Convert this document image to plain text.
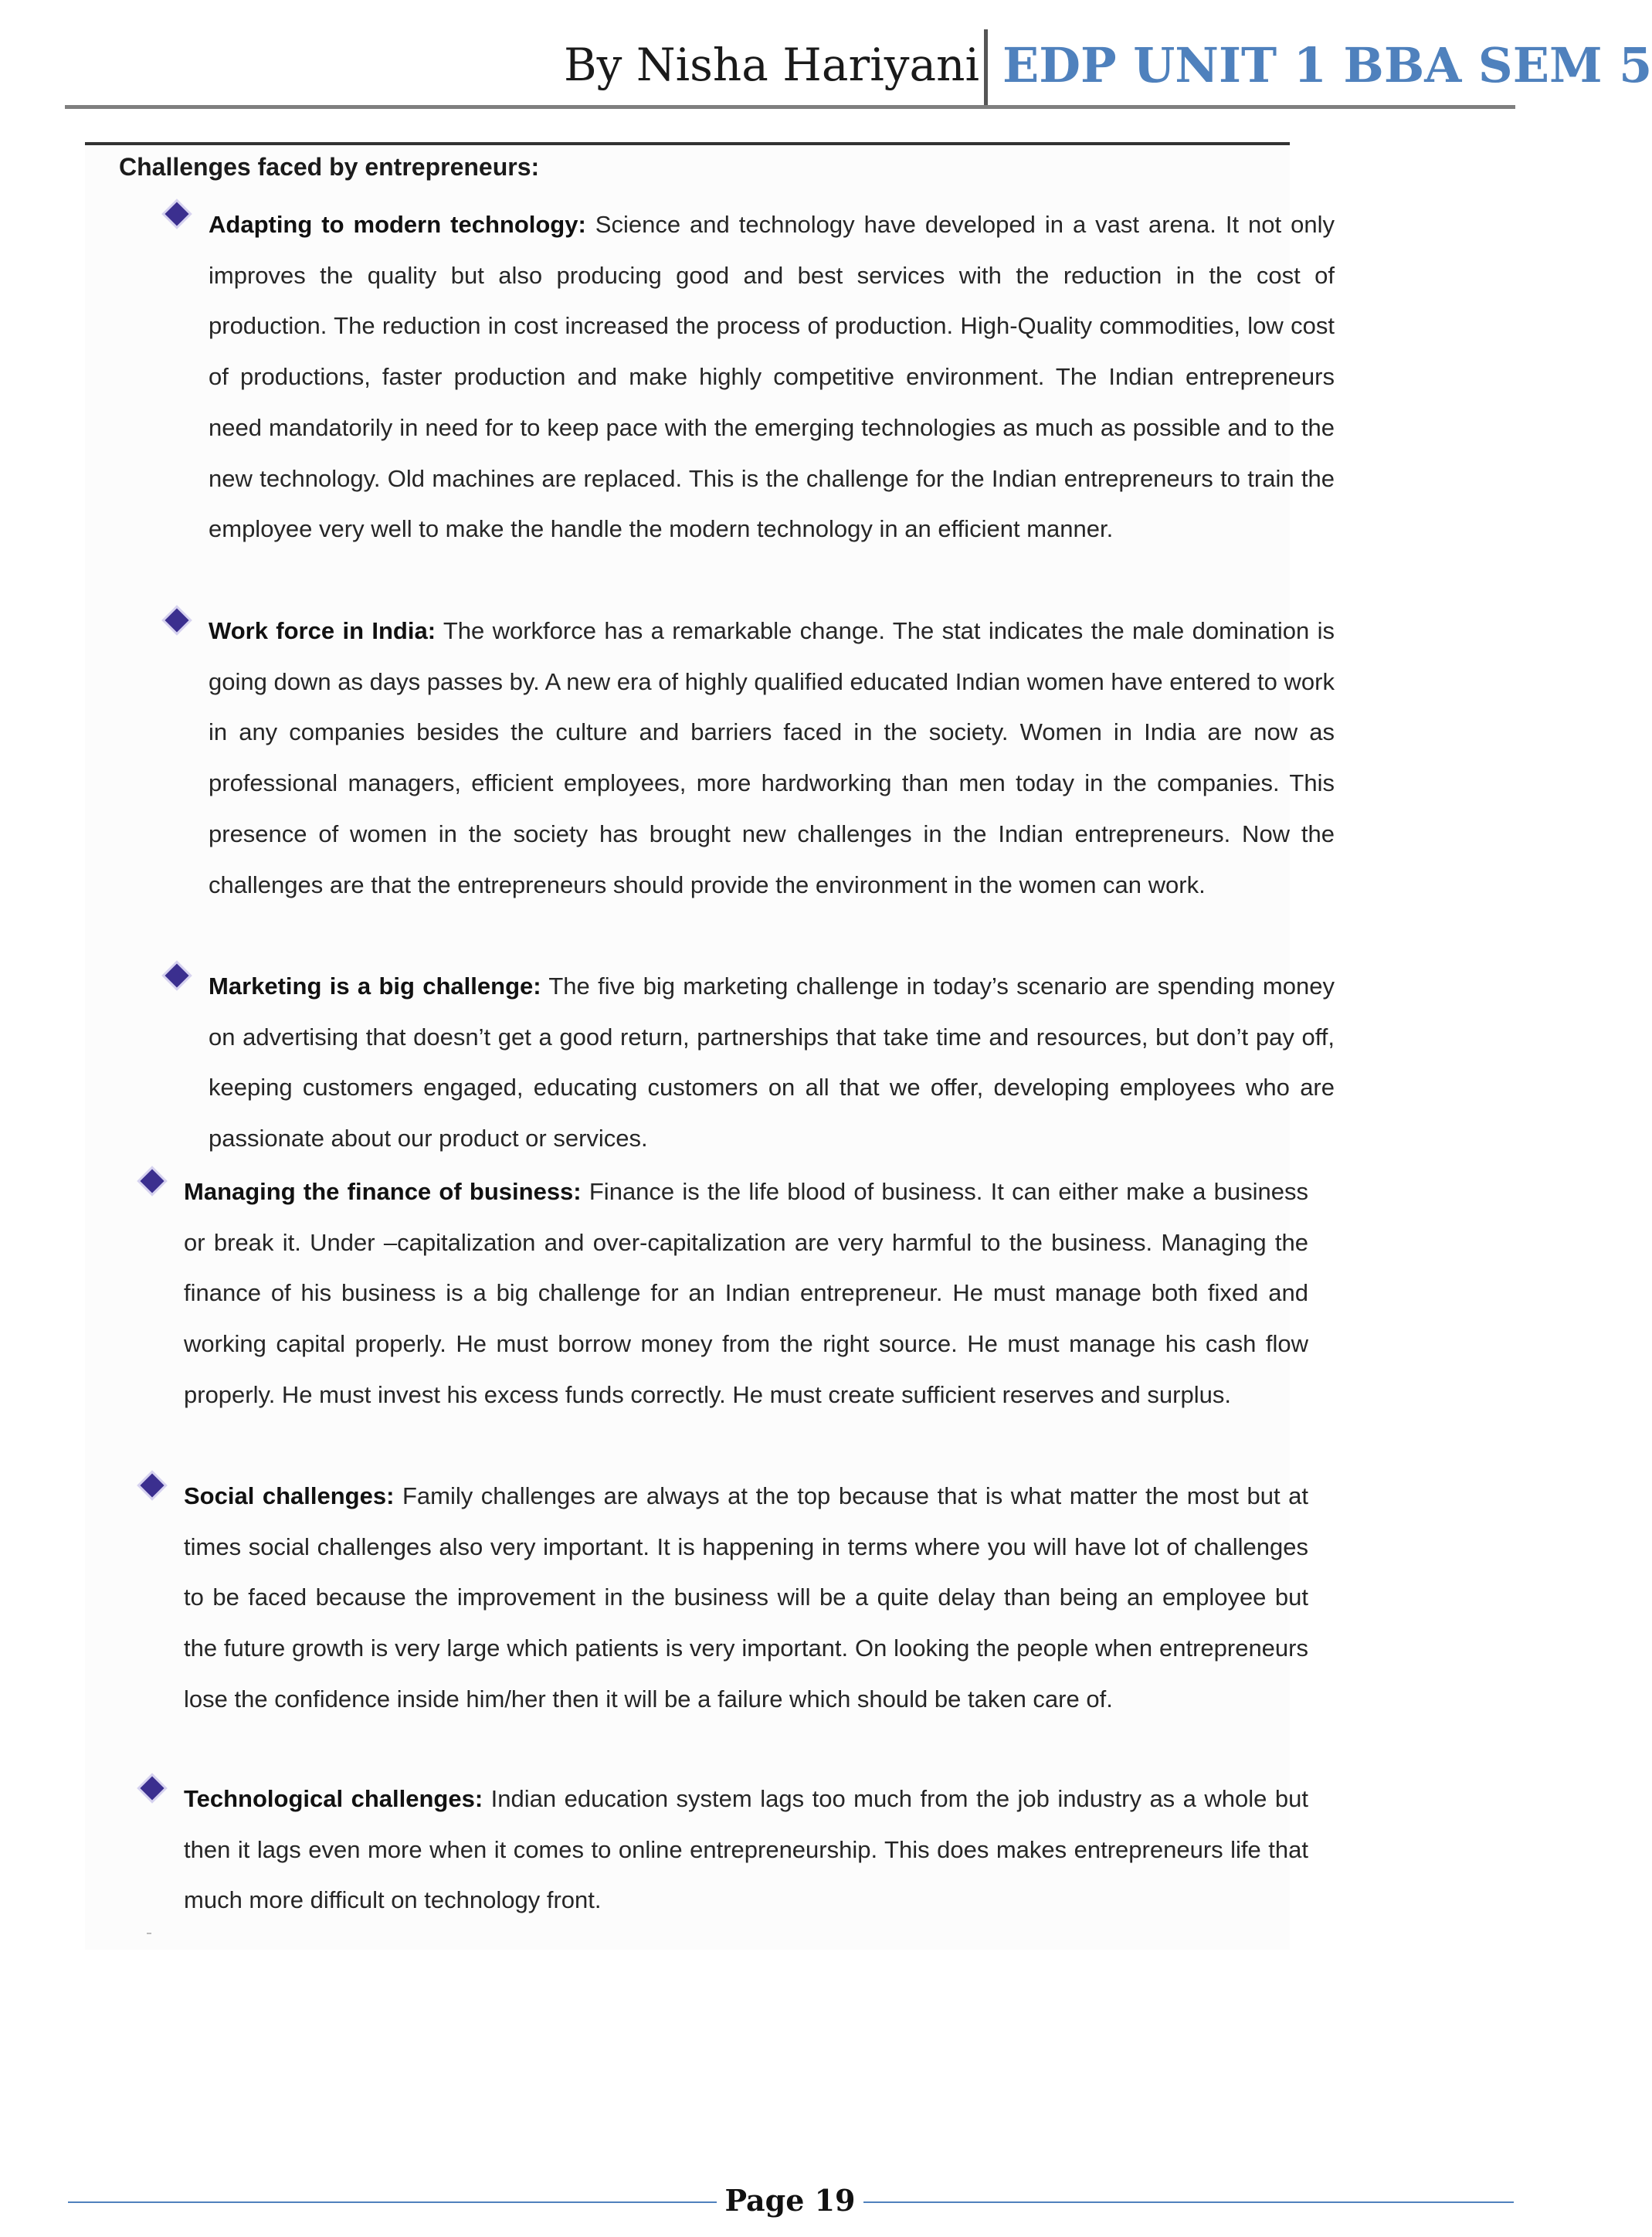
By Nisha Hariyani EDP UNIT 1 BBA SEM 5
Challenges faced by entrepreneurs:

Adapting to modern technology: Science and technology have developed in a vast arena. It not only improves the quality but also producing good and best services with the reduction in the cost of production. The reduction in cost increased the process of production. High-Quality commodities, low cost of productions, faster production and make highly competitive environment. The Indian entrepreneurs need mandatorily in need for to keep pace with the emerging technologies as much as possible and to the new technology. Old machines are replaced. This is the challenge for the Indian entrepreneurs to train the employee very well to make the handle the modern technology in an efficient manner.

Work force in India: The workforce has a remarkable change. The stat indicates the male domination is going down as days passes by. A new era of highly qualified educated Indian women have entered to work in any companies besides the culture and barriers faced in the society. Women in India are now as professional managers, efficient employees, more hardworking than men today in the companies. This presence of women in the society has brought new challenges in the Indian entrepreneurs. Now the challenges are that the entrepreneurs should provide the environment in the women can work.

Marketing is a big challenge: The five big marketing challenge in today’s scenario are spending money on advertising that doesn’t get a good return, partnerships that take time and resources, but don’t pay off, keeping customers engaged, educating customers on all that we offer, developing employees who are passionate about our product or services.

Managing the finance of business: Finance is the life blood of business. It can either make a business or break it. Under –capitalization and over-capitalization are very harmful to the business. Managing the finance of his business is a big challenge for an Indian entrepreneur. He must manage both fixed and working capital properly. He must borrow money from the right source. He must manage his cash flow properly. He must invest his excess funds correctly. He must create sufficient reserves and surplus.

Social challenges: Family challenges are always at the top because that is what matter the most but at times social challenges also very important. It is happening in terms where you will have lot of challenges to be faced because the improvement in the business will be a quite delay than being an employee but the future growth is very large which patients is very important. On looking the people when entrepreneurs lose the confidence inside him/her then it will be a failure which should be taken care of.

Technological challenges: Indian education system lags too much from the job industry as a whole but then it lags even more when it comes to online entrepreneurship. This does makes entrepreneurs life that much more difficult on technology front.

Page 19
